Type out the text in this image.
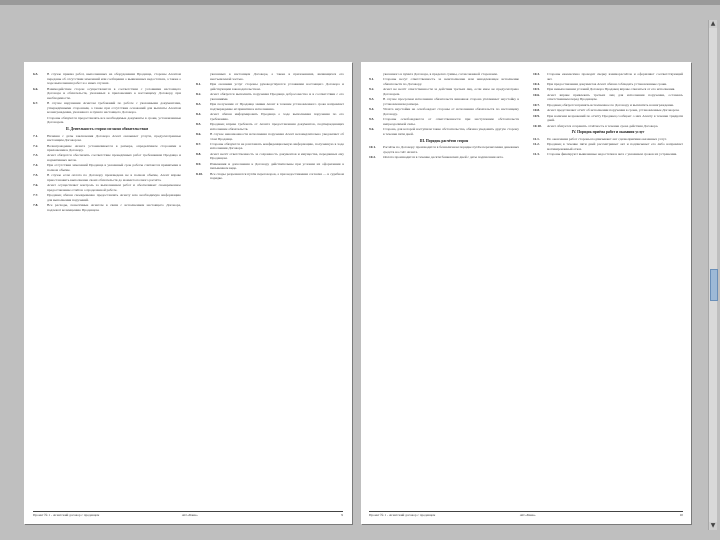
6.5.	В случае приема работ, выполненных на оборудовании Продавца, стороны Агентом переданы об отсутствии замечаний или сообщении о выявленных недостатках, а также о ходе выполнения работ и о иных случаях.
6.6.	Взаимодействие сторон осуществляется в соответствии с условиями настоящего Договора и обязательств, указанных в приложениях к настоящему Договору, при необходимости.
6.7.	В случае нарушения Агентом требований по работе с указанными документами, утверждёнными сторонами, а также при отсутствии оснований для выплаты Агентом вознаграждения, указанного в пункте настоящего Договора.
Стороны обязуются предоставлять все необходимые документы в сроки, установленные Договором.
II. Деятельность сторон согласно обязательствам
7.1.	Начиная с даты заключения Договора Агент оказывает услуги, предусмотренные настоящим Договором.
7.2.	Вознаграждение Агента устанавливается в размере, определённом сторонами в приложении к Договору.
7.3.	Агент обязуется обеспечить соответствие проведённых работ требованиям Продавца и нормативных актов.
7.4.	При отсутствии замечаний Продавца в указанный срок работы считаются принятыми в полном объёме.
7.5.	В случае если оплата по Договору произведена не в полном объёме, Агент вправе приостановить выполнение своих обязательств до момента полного расчёта.
7.6.	Агент осуществляет контроль за выполнением работ и обеспечивает своевременное предоставление отчётов о проделанной работе.
7.7.	Продавец обязан своевременно предоставлять Агенту всю необходимую информацию для выполнения поручений.
7.8.	Все расходы, понесённые Агентом в связи с исполнением настоящего Договора, подлежат возмещению Продавцом.
указанных в настоящем Договоре, а также в приложениях, являющихся его неотъемлемой частью.
8.1.	При оказании услуг стороны руководствуются условиями настоящего Договора и действующим законодательством.
8.2.	Агент обязуется выполнять поручения Продавца добросовестно и в соответствии с его указаниями.
8.3.	При получении от Продавца заявки Агент в течение установленного срока направляет подтверждение её принятия к исполнению.
8.4.	Агент обязан информировать Продавца о ходе выполнения поручения по его требованию.
8.5.	Продавец вправе требовать от Агента предоставления документов, подтверждающих исполнение обязательств.
8.6.	В случае невозможности исполнения поручения Агент незамедлительно уведомляет об этом Продавца.
8.7.	Стороны обязуются не разглашать конфиденциальную информацию, полученную в ходе исполнения Договора.
8.8.	Агент несёт ответственность за сохранность документов и имущества, переданных ему Продавцом.
8.9.	Изменения и дополнения к Договору действительны при условии их оформления в письменном виде.
8.10.	Все споры разрешаются путём переговоров, а при недостижении согласия — в судебном порядке.
Проект № 1 - Агентский договор с продавцом	АО «Банк»	9
указанного в пункте Договора, в пределах суммы, согласованной сторонами.
9.1.	Стороны несут ответственность за неисполнение или ненадлежащее исполнение обязательств по Договору.
9.2.	Агент не несёт ответственности за действия третьих лиц, если иное не предусмотрено Договором.
9.3.	В случае просрочки исполнения обязательств виновная сторона уплачивает неустойку в установленном размере.
9.4.	Уплата неустойки не освобождает стороны от исполнения обязательств по настоящему Договору.
9.5.	Стороны освобождаются от ответственности при наступлении обстоятельств непреодолимой силы.
9.6.	Сторона, для которой наступили такие обстоятельства, обязана уведомить другую сторону в течение пяти дней.
III. Порядок расчётов сторон
10.1.	Расчёты по Договору производятся в безналичном порядке путём перечисления денежных средств на счёт Агента.
10.2.	Оплата производится в течение десяти банковских дней с даты подписания акта.
10.3.	Стороны ежемесячно проводят сверку взаиморасчётов и оформляют соответствующий акт.
10.4.	При предоставлении документов Агент обязан соблюдать установленные сроки.
10.5.	При невыполнении условий Договора Продавец вправе отказаться от его исполнения.
10.6.	Агент вправе привлекать третьих лиц для исполнения поручения, оставаясь ответственным перед Продавцом.
10.7.	Продавец обязуется принять исполненное по Договору и выплатить вознаграждение.
10.8.	Агент представляет отчёт об исполнении поручения в сроки, установленные Договором.
10.9.	При наличии возражений по отчёту Продавец сообщает о них Агенту в течение тридцати дней.
10.10.	Агент обязуется сохранять отчётность в течение срока действия Договора.
IV. Порядок приёма работ и оказания услуг
11.1.	По окончании работ стороны подписывают акт сдачи-приёмки оказанных услуг.
11.2.	Продавец в течение пяти дней рассматривает акт и подписывает его либо направляет мотивированный отказ.
11.3.	Стороны фиксируют выявленные недостатки в акте с указанием сроков их устранения.
Проект № 1 - Агентский договор с продавцом	АО «Банк»	10
▲
▼
